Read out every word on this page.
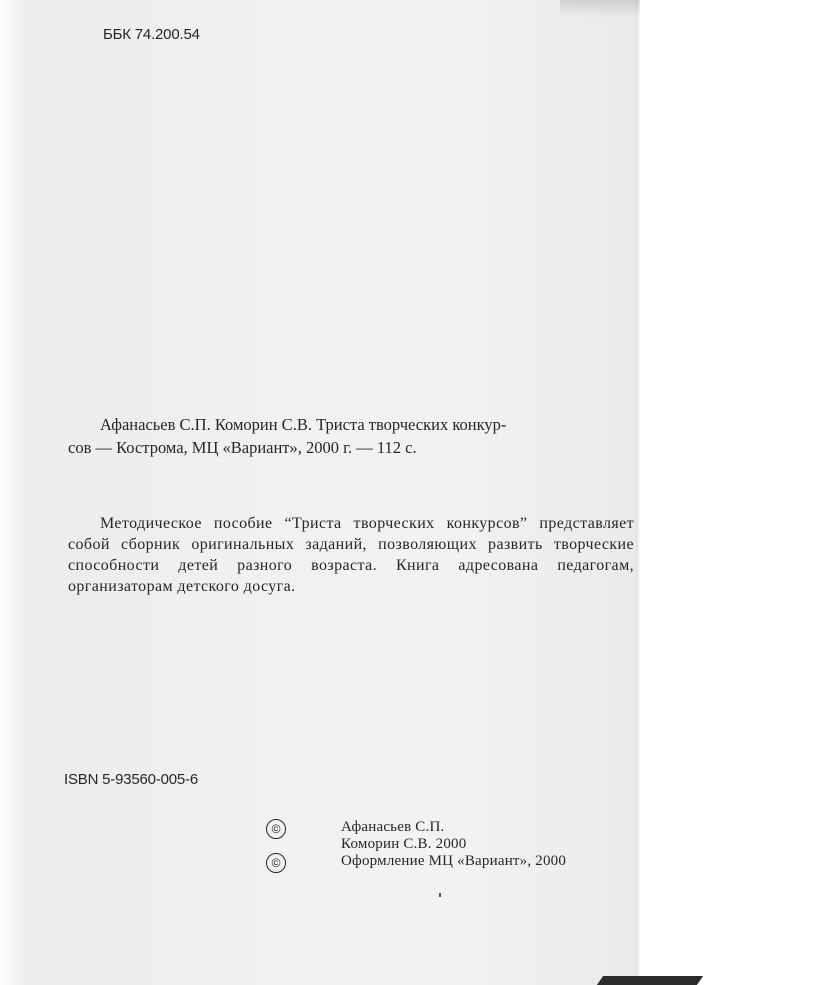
ББК 74.200.54
Афанасьев С.П. Коморин С.В. Триста творческих конкур-
сов — Кострома, МЦ «Вариант», 2000 г. — 112 с.
Методическое пособие “Триста творческих конкурсов” представляет собой сборник оригинальных заданий, позволяющих развить творческие способности детей разного возраста. Книга адресована педагогам, организаторам детского досуга.
ISBN 5-93560-005-6
©	Афанасьев С.П.
Коморин С.В. 2000
©	Оформление МЦ «Вариант», 2000
